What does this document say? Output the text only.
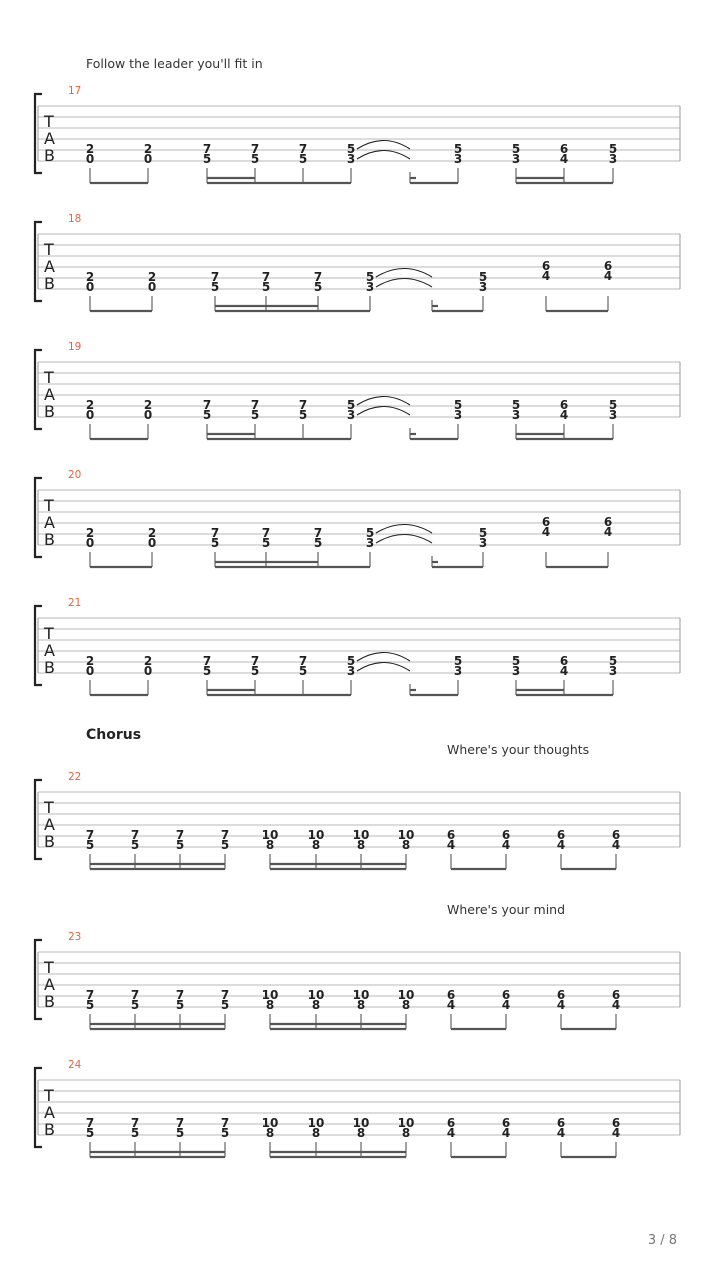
Follow the leader you'll fit in
Chorus
Where's your thoughts
Where's your mind
17
T
A
B	2
0
2
0
7
5
7
5
7
5
5
3
5
3
5
3
6
4
5
3
18
T
A
B	2
0
2
0
7
5
7
5
7
5
5
3
5
3
6
4
6
4
19
T
A
B	2
0
2
0
7
5
7
5
7
5
5
3
5
3
5
3
6
4
5
3
20
T
A
B	2
0
2
0
7
5
7
5
7
5
5
3
5
3
6
4
6
4
21
T
A
B	2
0
2
0
7
5
7
5
7
5
5
3
5
3
5
3
6
4
5
3
22
T
A
B	7
5
7
5
7
5
7
5
10
8
10
8
10
8
10
8
6
4
6
4
6
4
6
4
23
T
A
B	7
5
7
5
7
5
7
5
10
8
10
8
10
8
10
8
6
4
6
4
6
4
6
4
24
T
A
B	7
5
7
5
7
5
7
5
10
8
10
8
10
8
10
8
6
4
6
4
6
4
6
4
3 / 8
